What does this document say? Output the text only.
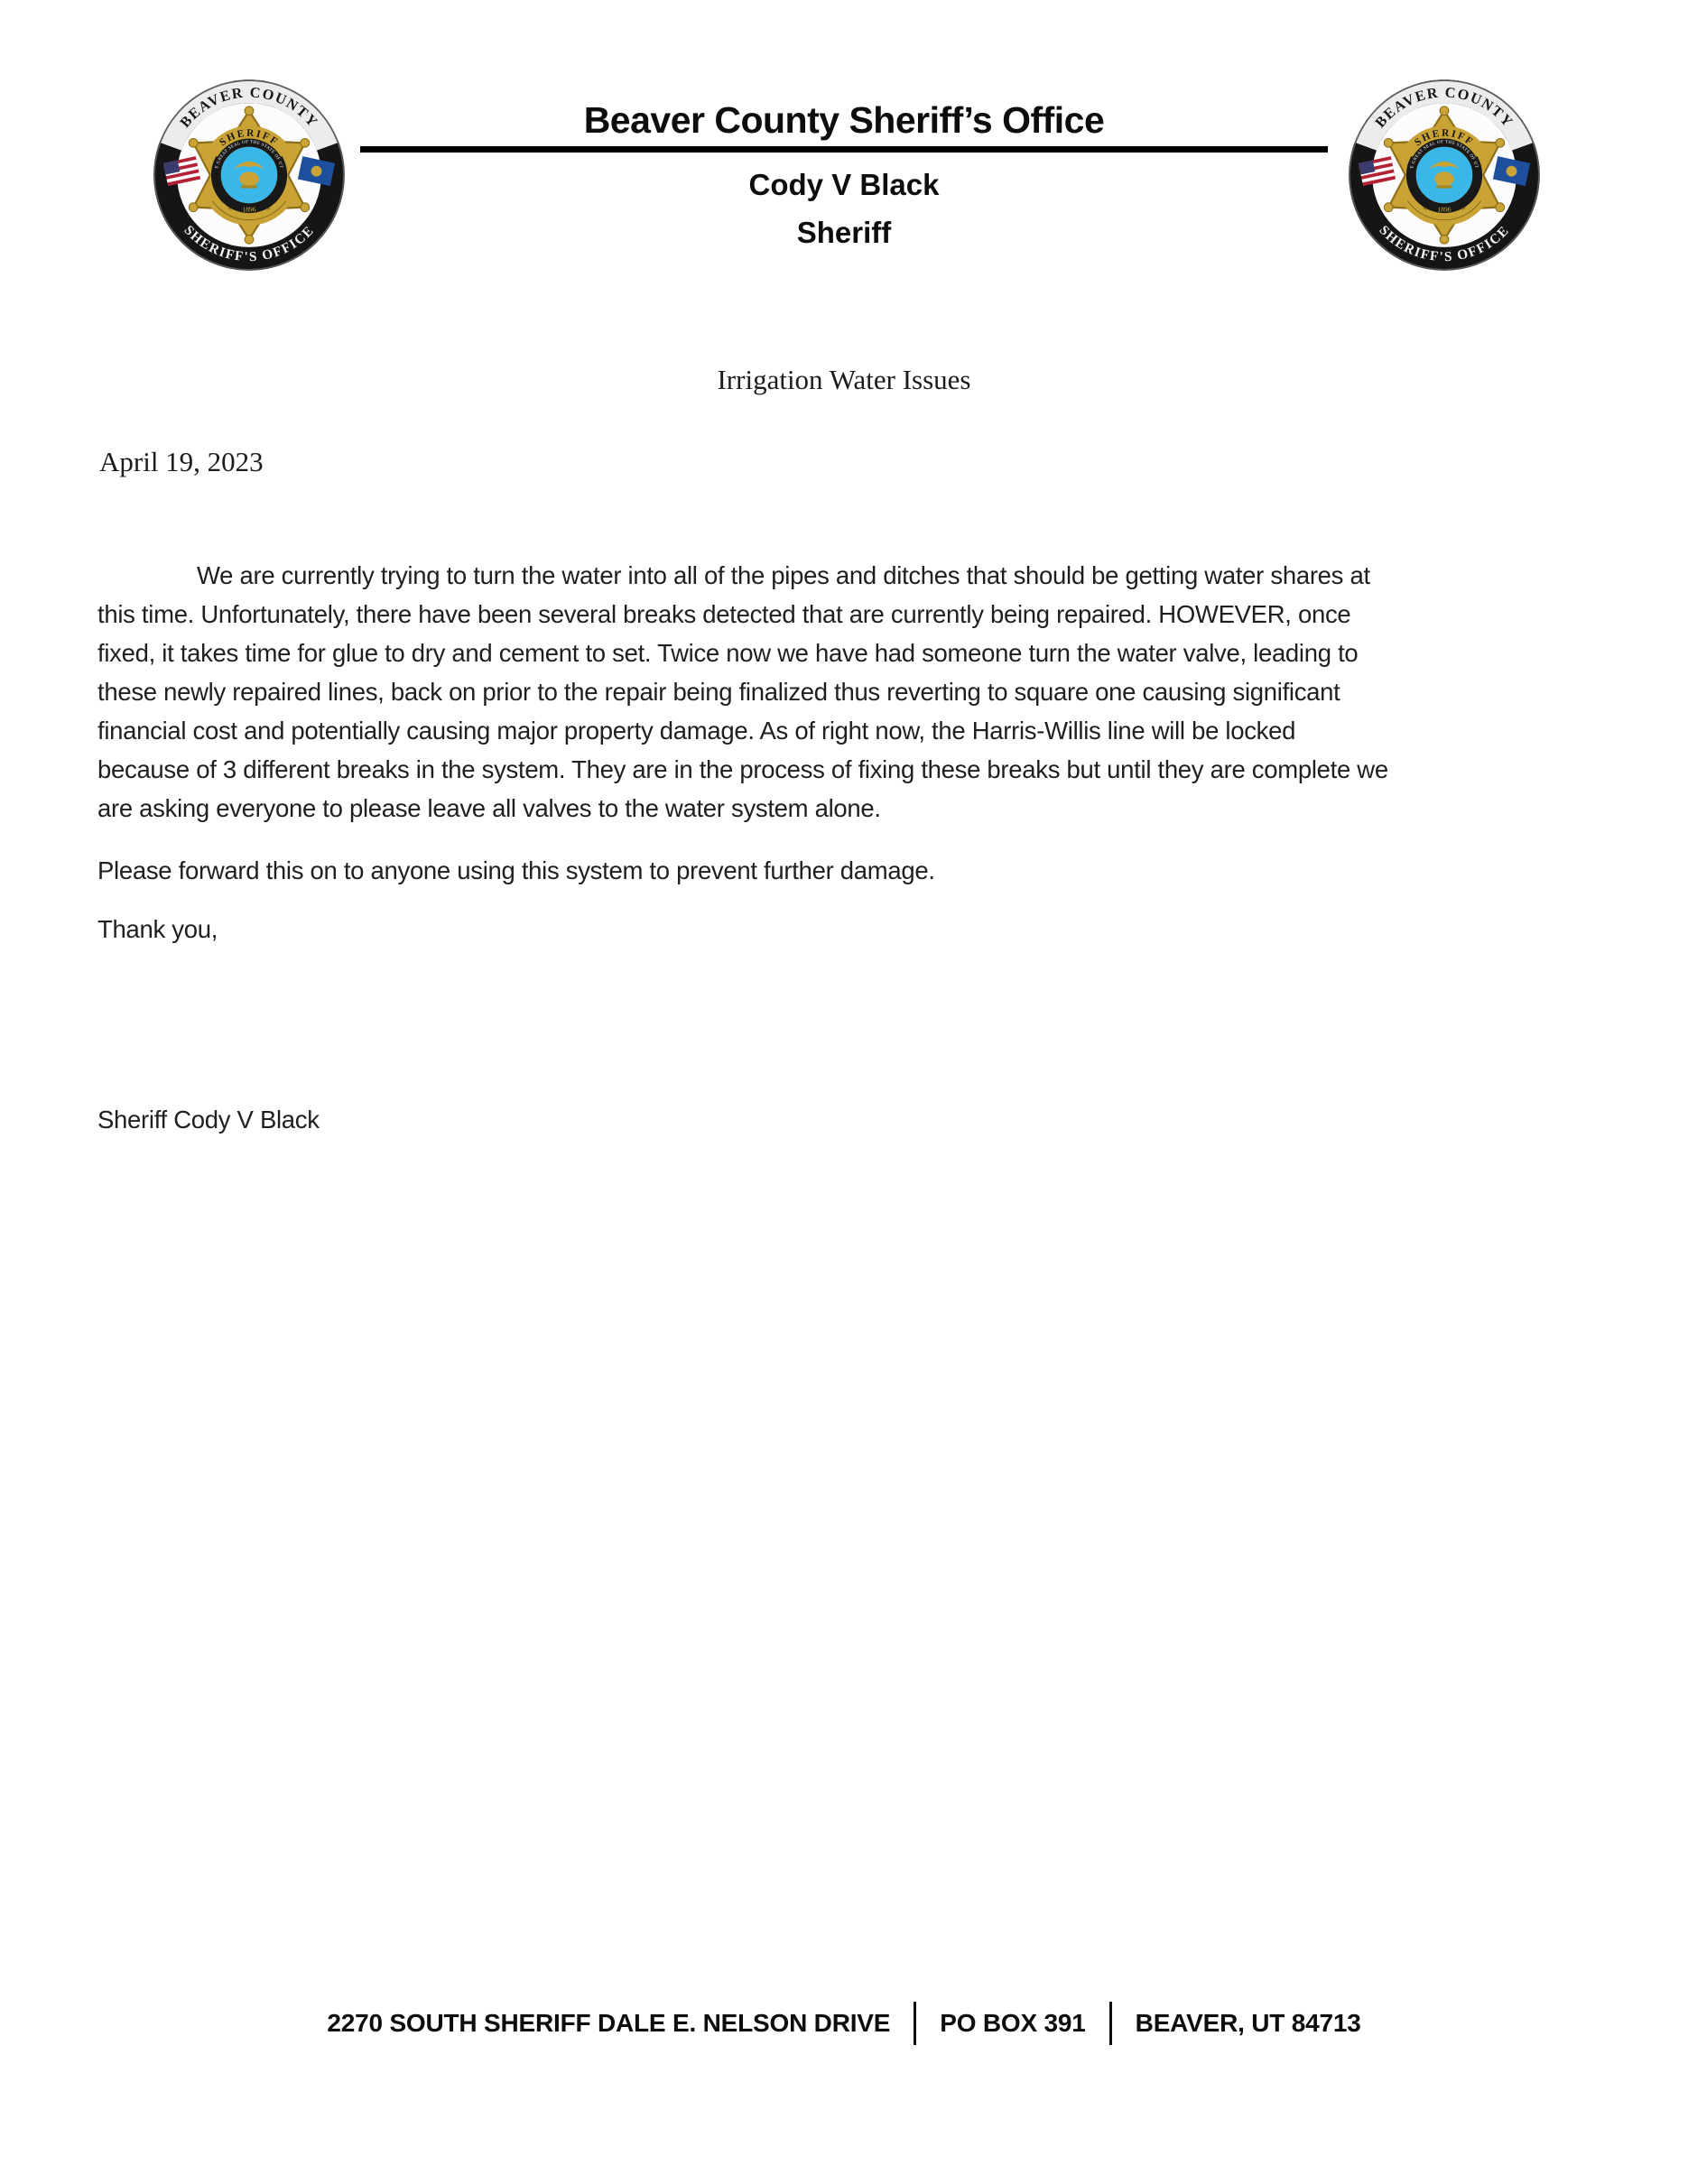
Beaver County Sheriff’s Office
Cody V Black
Sheriff
Irrigation Water Issues
April 19, 2023
We are currently trying to turn the water into all of the pipes and ditches that should be getting water shares at
this time. Unfortunately, there have been several breaks detected that are currently being repaired. HOWEVER, once
fixed, it takes time for glue to dry and cement to set. Twice now we have had someone turn the water valve, leading to
these newly repaired lines, back on prior to the repair being finalized thus reverting to square one causing significant
financial cost and potentially causing major property damage. As of right now, the Harris-Willis line will be locked
because of 3 different breaks in the system. They are in the process of fixing these breaks but until they are complete we
are asking everyone to please leave all valves to the water system alone.
Please forward this on to anyone using this system to prevent further damage.
Thank you,
Sheriff Cody V Black
2270 SOUTH SHERIFF DALE E. NELSON DRIVE PO BOX 391 BEAVER, UT 84713
